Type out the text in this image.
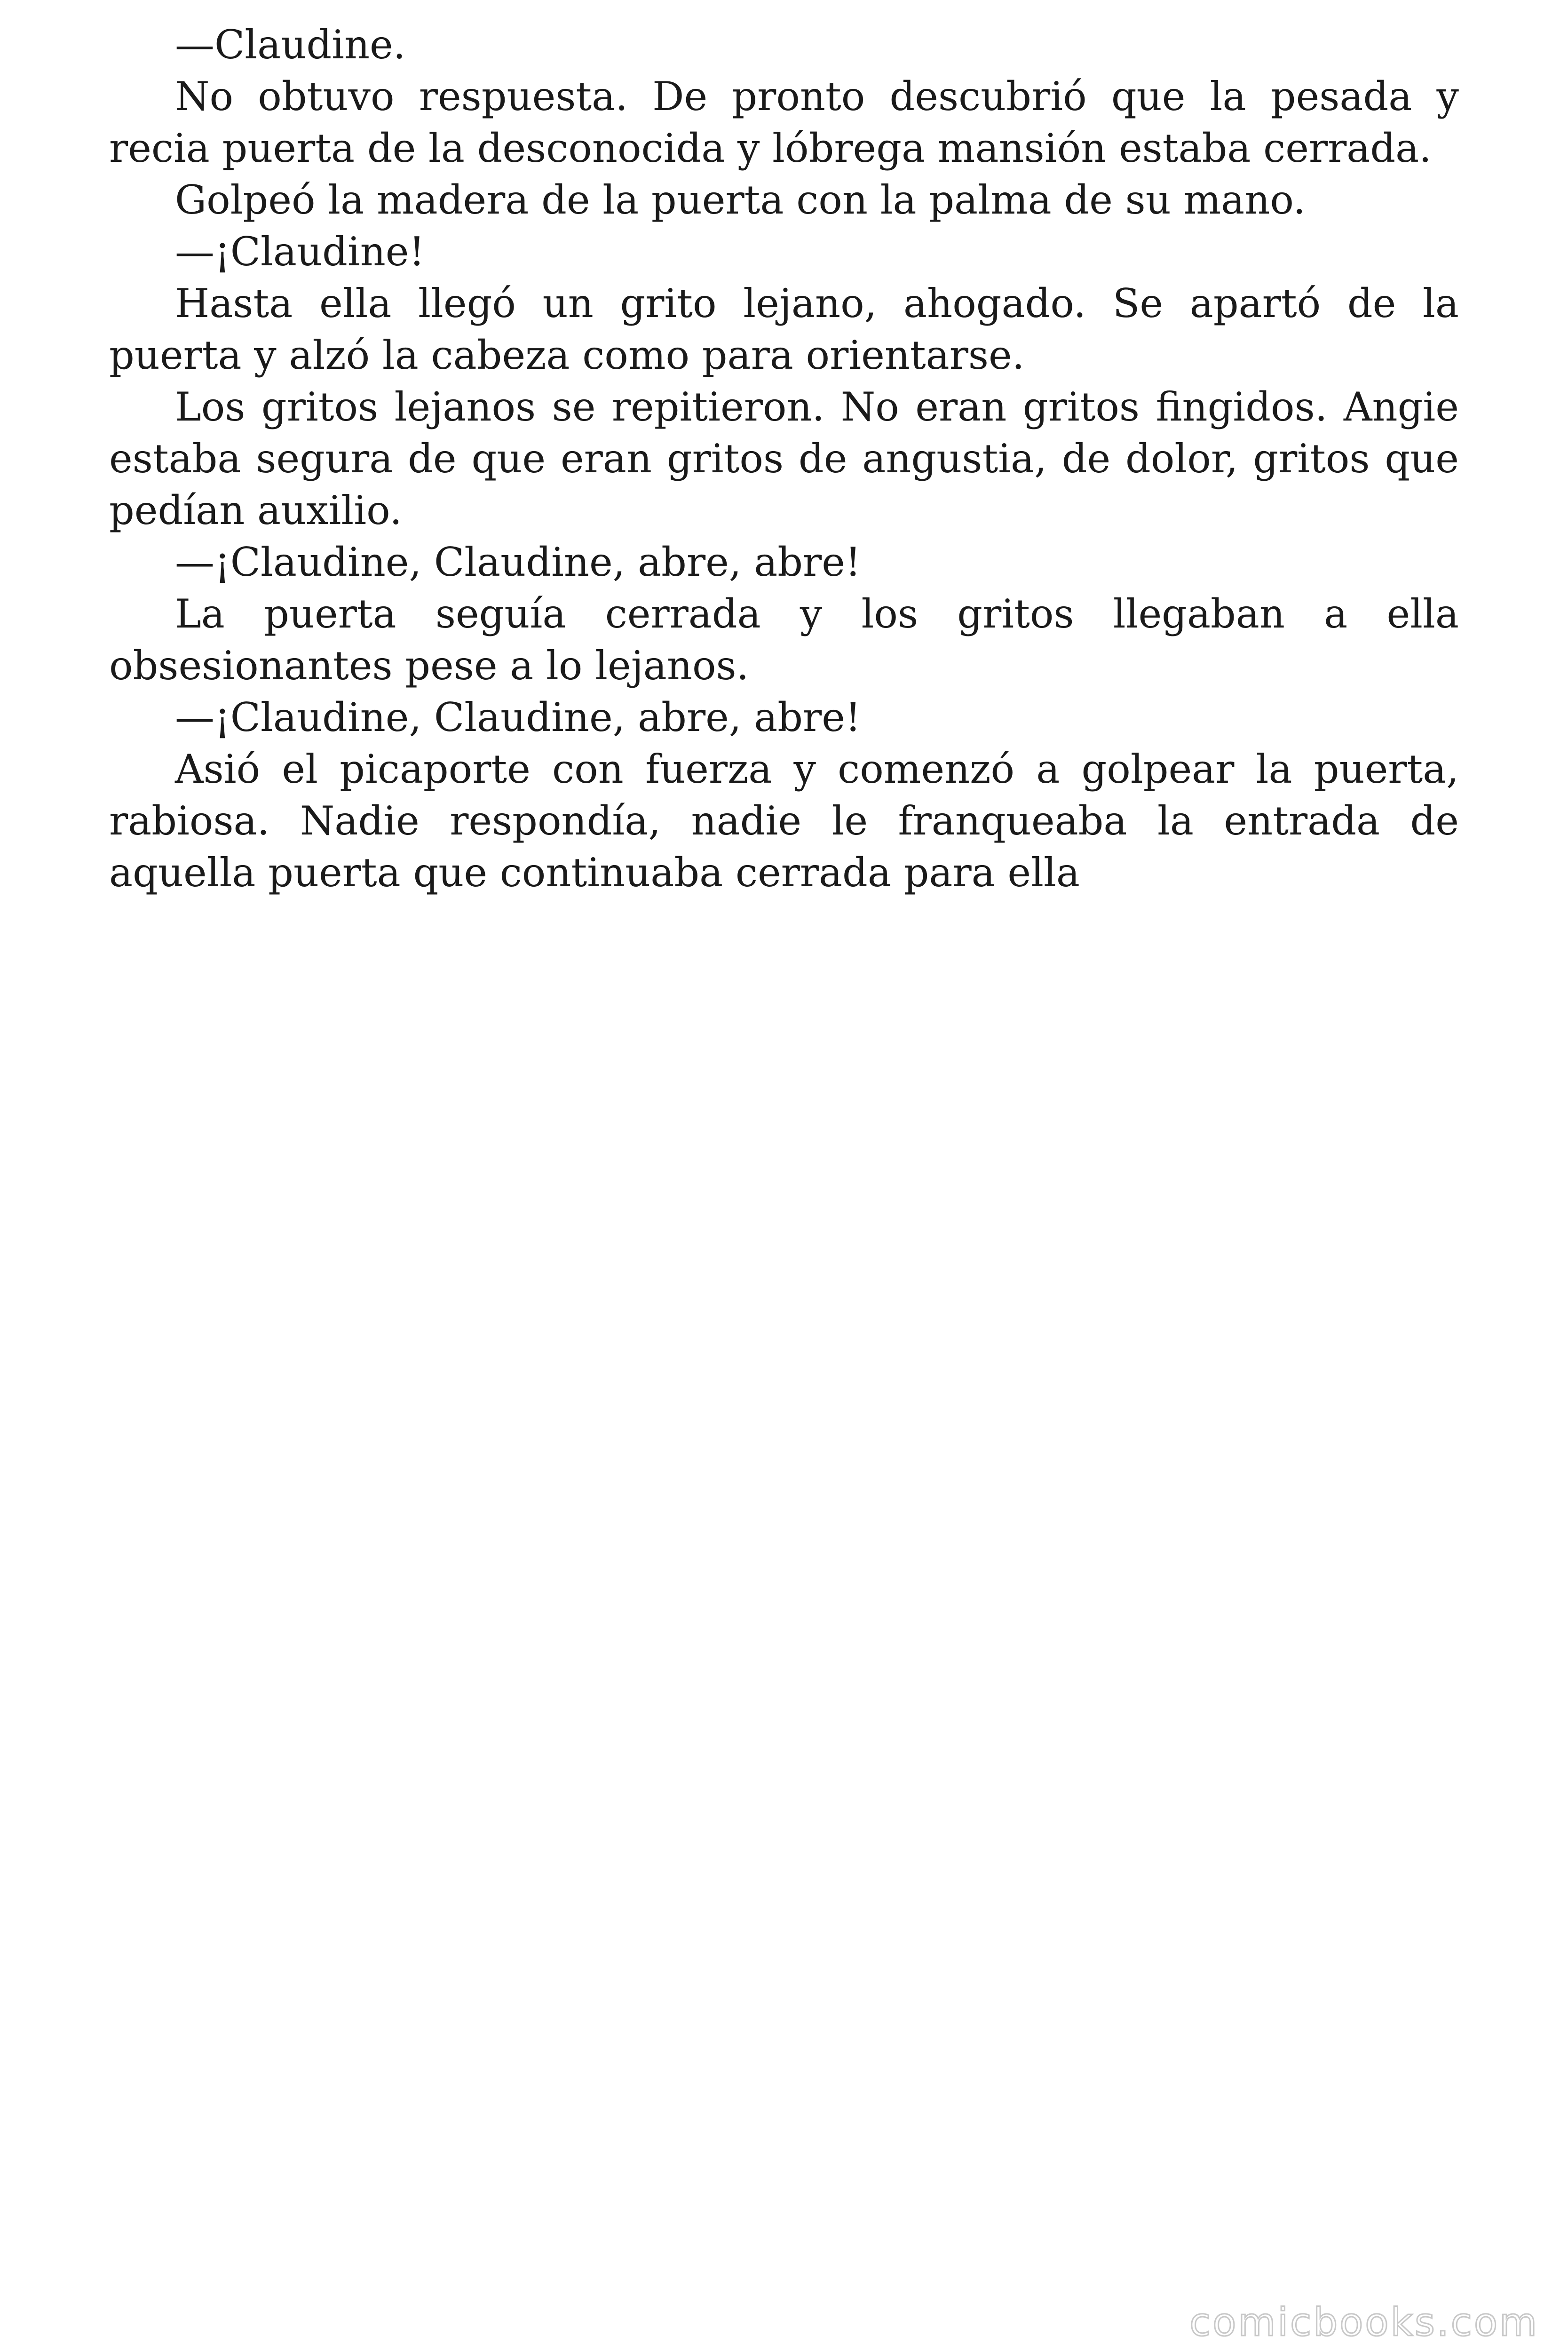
—Claudine.

No obtuvo respuesta. De pronto descubrió que la pesada y recia puerta de la desconocida y lóbrega mansión estaba cerrada.

Golpeó la madera de la puerta con la palma de su mano.

—¡Claudine!

Hasta ella llegó un grito lejano, ahogado. Se apartó de la puerta y alzó la cabeza como para orientarse.

Los gritos lejanos se repitieron. No eran gritos fingidos. Angie estaba segura de que eran gritos de angustia, de dolor, gritos que pedían auxilio.

—¡Claudine, Claudine, abre, abre!

La puerta seguía cerrada y los gritos llegaban a ella obsesionantes pese a lo lejanos.

—¡Claudine, Claudine, abre, abre!

Asió el picaporte con fuerza y comenzó a golpear la puerta, rabiosa. Nadie respondía, nadie le franqueaba la entrada de aquella puerta que continuaba cerrada para ella

comicbooks.com
